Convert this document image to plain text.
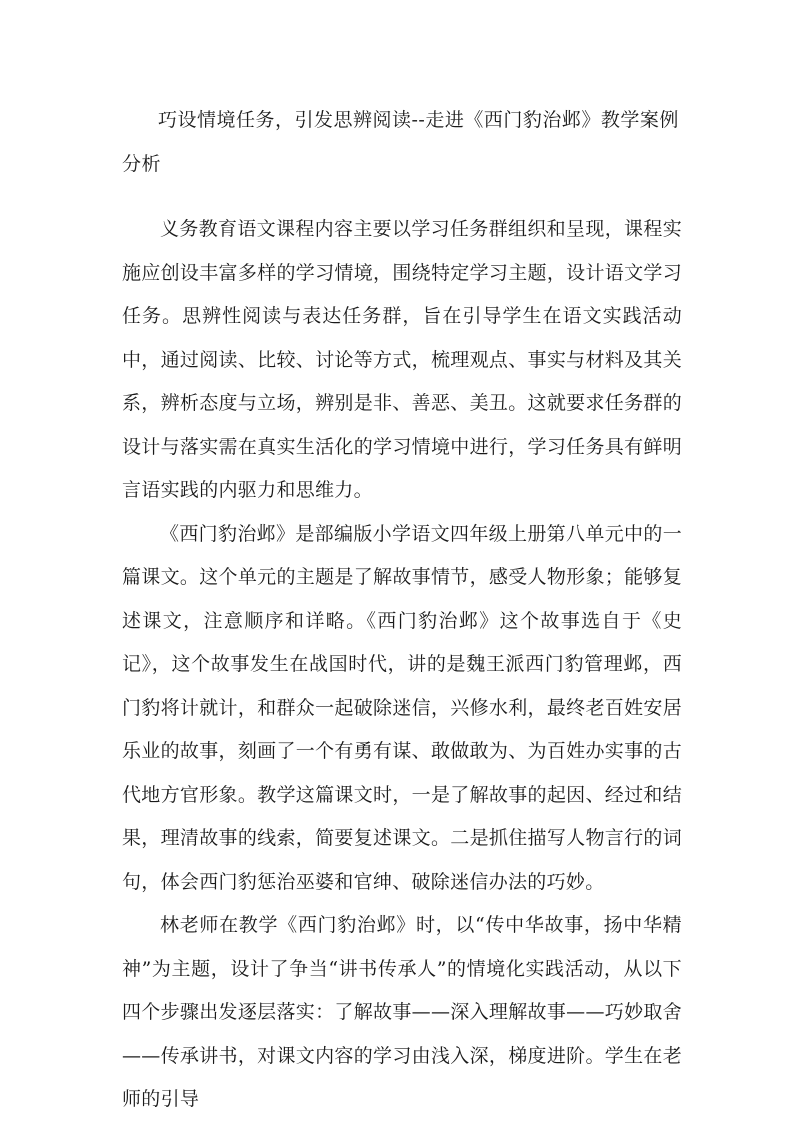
巧设情境任务，引发思辨阅读--走进《西门豹治邺》教学案例分析

义务教育语文课程内容主要以学习任务群组织和呈现，课程实施应创设丰富多样的学习情境，围绕特定学习主题，设计语文学习任务。思辨性阅读与表达任务群，旨在引导学生在语文实践活动中，通过阅读、比较、讨论等方式，梳理观点、事实与材料及其关系，辨析态度与立场，辨别是非、善恶、美丑。这就要求任务群的设计与落实需在真实生活化的学习情境中进行，学习任务具有鲜明言语实践的内驱力和思维力。

《西门豹治邺》是部编版小学语文四年级上册第八单元中的一篇课文。这个单元的主题是了解故事情节，感受人物形象；能够复述课文，注意顺序和详略。《西门豹治邺》这个故事选自于《史记》，这个故事发生在战国时代，讲的是魏王派西门豹管理邺，西门豹将计就计，和群众一起破除迷信，兴修水利，最终老百姓安居乐业的故事，刻画了一个有勇有谋、敢做敢为、为百姓办实事的古代地方官形象。教学这篇课文时，一是了解故事的起因、经过和结果，理清故事的线索，简要复述课文。二是抓住描写人物言行的词句，体会西门豹惩治巫婆和官绅、破除迷信办法的巧妙。

林老师在教学《西门豹治邺》时，以“传中华故事，扬中华精神”为主题，设计了争当“讲书传承人”的情境化实践活动，从以下四个步骤出发逐层落实：了解故事——深入理解故事——巧妙取舍——传承讲书，对课文内容的学习由浅入深，梯度进阶。学生在老师的引导
